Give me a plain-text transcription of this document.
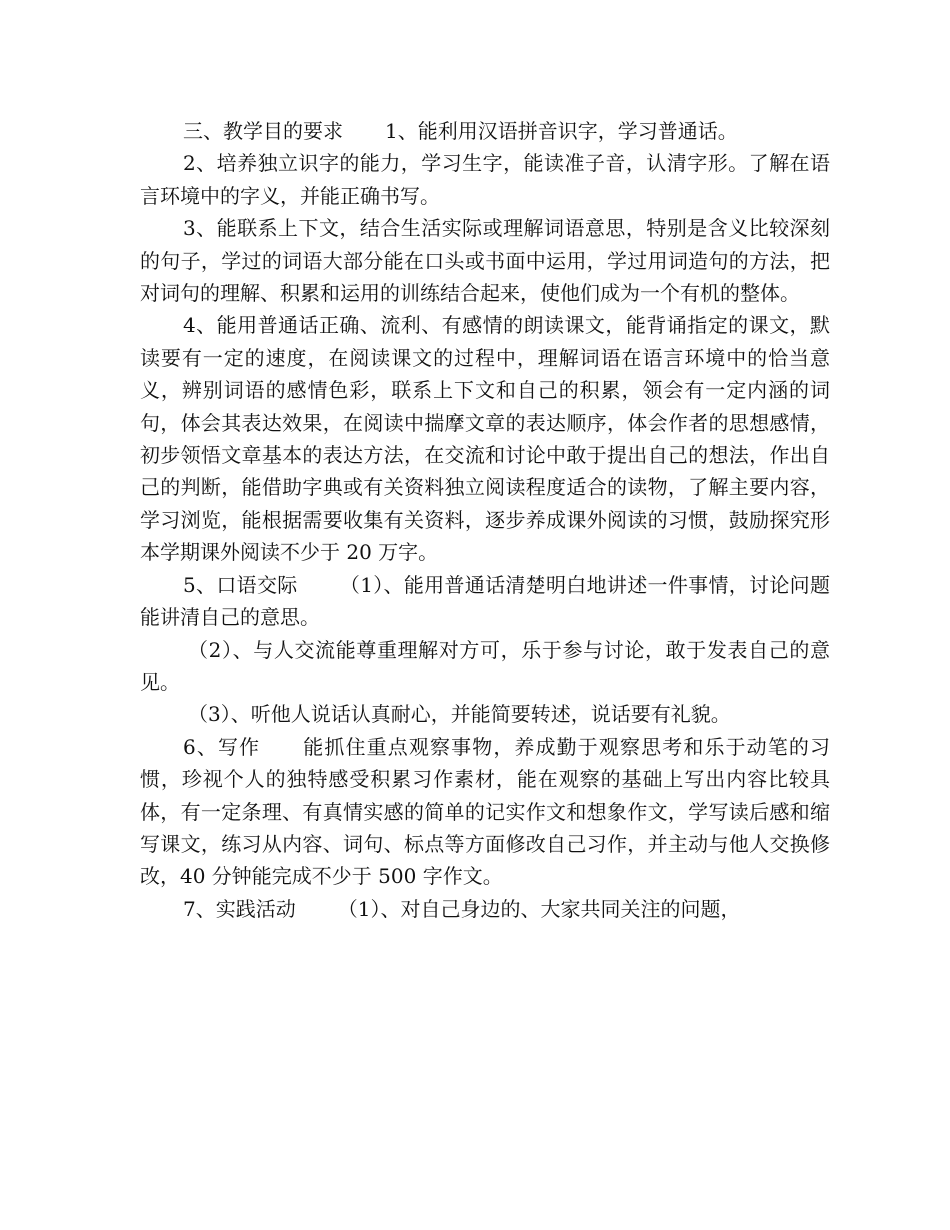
三、教学目的要求 1、能利用汉语拼音识字，学习普通话。

2、培养独立识字的能力，学习生字，能读准子音，认清字形。了解在语言环境中的字义，并能正确书写。

3、能联系上下文，结合生活实际或理解词语意思，特别是含义比较深刻的句子，学过的词语大部分能在口头或书面中运用，学过用词造句的方法，把对词句的理解、积累和运用的训练结合起来，使他们成为一个有机的整体。

4、能用普通话正确、流利、有感情的朗读课文，能背诵指定的课文，默读要有一定的速度，在阅读课文的过程中，理解词语在语言环境中的恰当意义，辨别词语的感情色彩，联系上下文和自己的积累，领会有一定内涵的词句，体会其表达效果，在阅读中揣摩文章的表达顺序，体会作者的思想感情，初步领悟文章基本的表达方法，在交流和讨论中敢于提出自己的想法，作出自己的判断，能借助字典或有关资料独立阅读程度适合的读物，了解主要内容，学习浏览，能根据需要收集有关资料，逐步养成课外阅读的习惯，鼓励探究形本学期课外阅读不少于 20 万字。

5、口语交际 （1）、能用普通话清楚明白地讲述一件事情，讨论问题能讲清自己的意思。

（2）、与人交流能尊重理解对方可，乐于参与讨论，敢于发表自己的意见。

（3）、听他人说话认真耐心，并能简要转述，说话要有礼貌。

6、写作 能抓住重点观察事物，养成勤于观察思考和乐于动笔的习惯，珍视个人的独特感受积累习作素材，能在观察的基础上写出内容比较具体，有一定条理、有真情实感的简单的记实作文和想象作文，学写读后感和缩写课文，练习从内容、词句、标点等方面修改自己习作，并主动与他人交换修改，40 分钟能完成不少于 500 字作文。

7、实践活动 （1）、对自己身边的、大家共同关注的问题，
